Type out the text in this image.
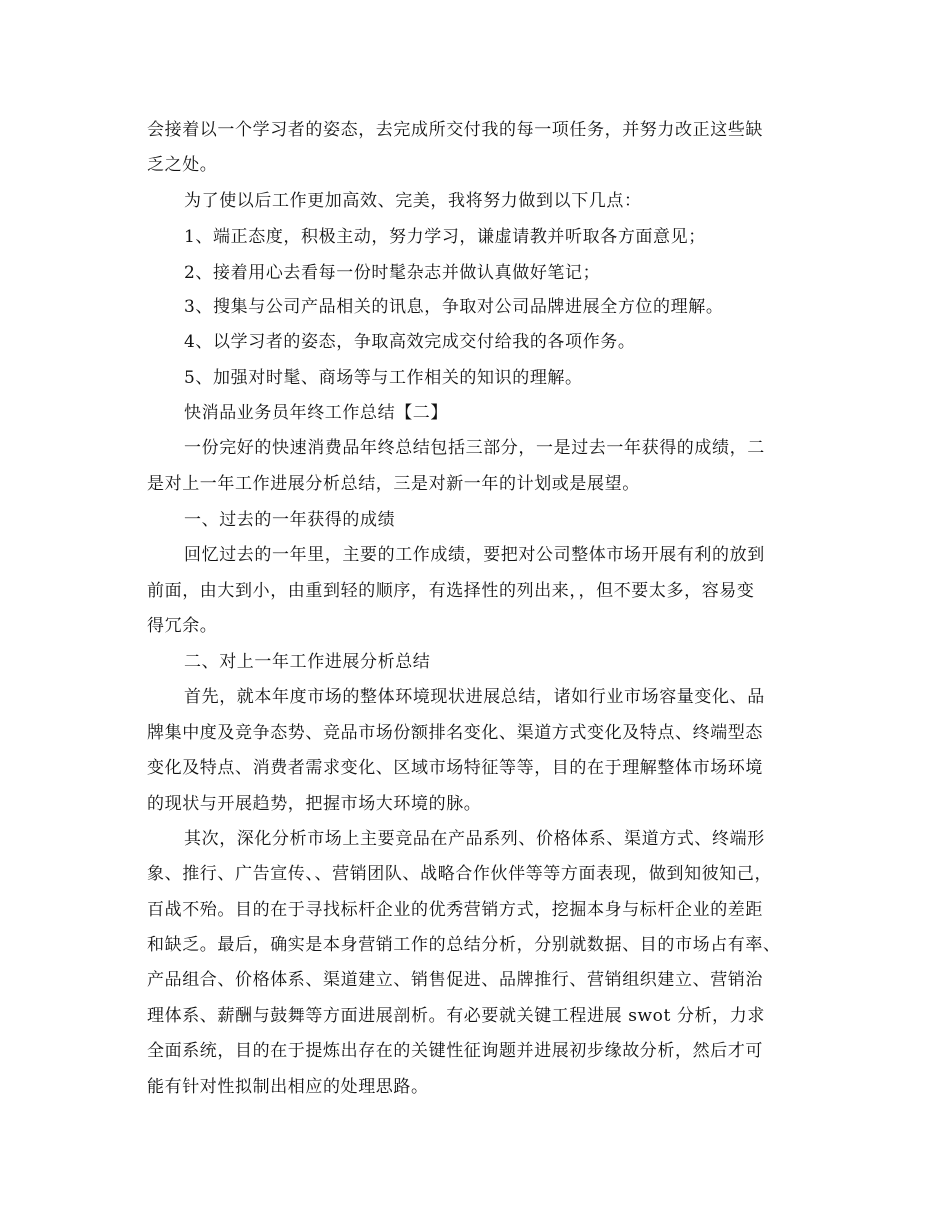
会接着以一个学习者的姿态，去完成所交付我的每一项任务，并努力改正这些缺
乏之处。
为了使以后工作更加高效、完美，我将努力做到以下几点：
1、端正态度，积极主动，努力学习，谦虚请教并听取各方面意见；
2、接着用心去看每一份时髦杂志并做认真做好笔记；
3、搜集与公司产品相关的讯息，争取对公司品牌进展全方位的理解。
4、以学习者的姿态，争取高效完成交付给我的各项作务。
5、加强对时髦、商场等与工作相关的知识的理解。
快消品业务员年终工作总结【二】
一份完好的快速消费品年终总结包括三部分，一是过去一年获得的成绩，二
是对上一年工作进展分析总结，三是对新一年的计划或是展望。
一、过去的一年获得的成绩
回忆过去的一年里，主要的工作成绩，要把对公司整体市场开展有利的放到
前面，由大到小，由重到轻的顺序，有选择性的列出来，，但不要太多，容易变
得冗余。
二、对上一年工作进展分析总结
首先，就本年度市场的整体环境现状进展总结，诸如行业市场容量变化、品
牌集中度及竞争态势、竞品市场份额排名变化、渠道方式变化及特点、终端型态
变化及特点、消费者需求变化、区域市场特征等等，目的在于理解整体市场环境
的现状与开展趋势，把握市场大环境的脉。
其次，深化分析市场上主要竞品在产品系列、价格体系、渠道方式、终端形
象、推行、广告宣传、、营销团队、战略合作伙伴等等方面表现，做到知彼知己，
百战不殆。目的在于寻找标杆企业的优秀营销方式，挖掘本身与标杆企业的差距
和缺乏。最后，确实是本身营销工作的总结分析，分别就数据、目的市场占有率、
产品组合、价格体系、渠道建立、销售促进、品牌推行、营销组织建立、营销治
理体系、薪酬与鼓舞等方面进展剖析。有必要就关键工程进展 swot 分析，力求
全面系统，目的在于提炼出存在的关键性征询题并进展初步缘故分析，然后才可
能有针对性拟制出相应的处理思路。
